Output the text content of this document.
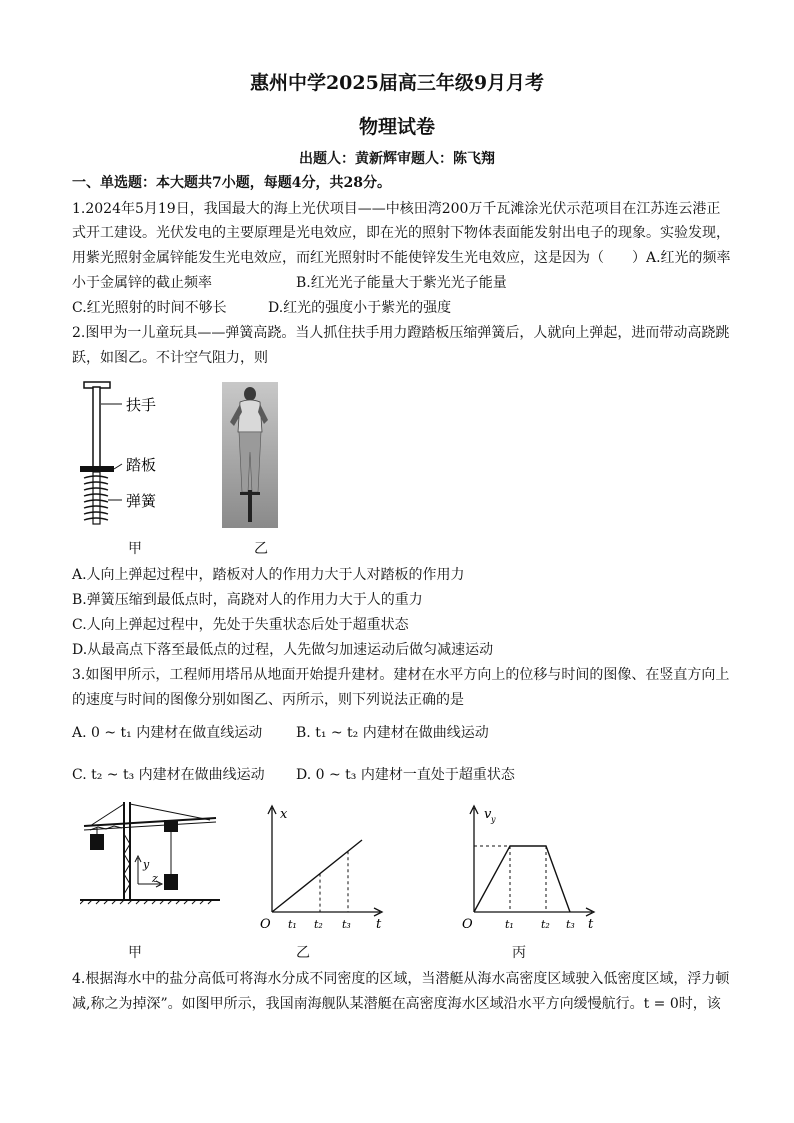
惠州中学2025届高三年级9月月考
物理试卷
出题人：黄新辉审题人：陈飞翔
一、单选题：本大题共7小题，每题4分，共28分。
1.2024年5月19日，我国最大的海上光伏项目——中核田湾200万千瓦滩涂光伏示范项目在江苏连云港正
式开工建设。光伏发电的主要原理是光电效应，即在光的照射下物体表面能发射出电子的现象。实验发现，
用紫光照射金属锌能发生光电效应，而红光照射时不能使锌发生光电效应，这是因为（　　）A.红光的频率
小于金属锌的截止频率	B.红光光子能量大于紫光光子能量
C.红光照射的时间不够长	D.红光的强度小于紫光的强度
2.图甲为一儿童玩具——弹簧高跷。当人抓住扶手用力蹬踏板压缩弹簧后，人就向上弹起，进而带动高跷跳
跃，如图乙。不计空气阻力，则
扶手
踏板
弹簧
甲	乙
A.人向上弹起过程中，踏板对人的作用力大于人对踏板的作用力
B.弹簧压缩到最低点时，高跷对人的作用力大于人的重力
C.人向上弹起过程中，先处于失重状态后处于超重状态
D.从最高点下落至最低点的过程，人先做匀加速运动后做匀减速运动
3.如图甲所示，工程师用塔吊从地面开始提升建材。建材在水平方向上的位移与时间的图像、在竖直方向上
的速度与时间的图像分别如图乙、丙所示，则下列说法正确的是
A. 0 ~ t₁ 内建材在做直线运动 B. t₁ ~ t₂ 内建材在做曲线运动
C. t₂ ~ t₃ 内建材在做曲线运动 D. 0 ~ t₃ 内建材一直处于超重状态
y
z
x
t
O t₁ t₂ t₃
v y
t
O	t₁ t₂ t₃
甲	乙	丙
4.根据海水中的盐分高低可将海水分成不同密度的区域，当潜艇从海水高密度区域驶入低密度区域，浮力顿
减,称之为掉深”。如图甲所示，我国南海舰队某潜艇在高密度海水区域沿水平方向缓慢航行。t = 0时，该
